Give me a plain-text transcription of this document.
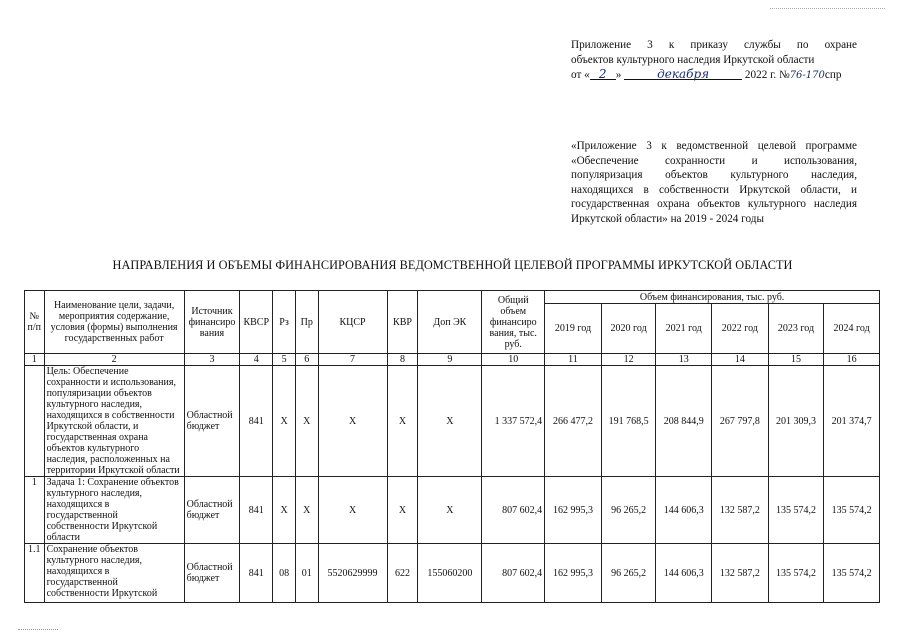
Приложение 3 к приказу службы по охране
объектов культурного наследия Иркутской области
от « 2 »	декабря	2022 г. №76-170спр
«Приложение 3 к ведомственной целевой программе «Обеспечение сохранности и использования, популяризация объектов культурного наследия, находящихся в собственности Иркутской области, и государственная охрана объектов культурного наследия Иркутской области» на 2019 - 2024 годы
НАПРАВЛЕНИЯ И ОБЪЕМЫ ФИНАНСИРОВАНИЯ ВЕДОМСТВЕННОЙ ЦЕЛЕВОЙ ПРОГРАММЫ ИРКУТСКОЙ ОБЛАСТИ
№ п/п	Наименование цели, задачи, мероприятия содержание, условия (формы) выполнения государственных работ	Источник финансиро вания	КВСР	Рз	Пр	КЦСР	КВР	Доп ЭК	Общий объем финансиро вания, тыс. руб.	Объем финансирования, тыс. руб.					
										2019 год	2020 год	2021 год	2022 год	2023 год	2024 год
1	2	3	4	5	6	7	8	9	10	11	12	13	14	15	16
	Цель: Обеспечение сохранности и использования, популяризации объектов культурного наследия, находящихся в собственности Иркутской области, и государственная охрана объектов культурного наследия, расположенных на территории Иркутской области	Областной бюджет	841	Х	Х	Х	Х	Х	1 337 572,4	266 477,2	191 768,5	208 844,9	267 797,8	201 309,3	201 374,7
1	Задача 1: Сохранение объектов культурного наследия, находящихся в государственной собственности Иркутской области	Областной бюджет	841	Х	Х	Х	Х	Х	807 602,4	162 995,3	96 265,2	144 606,3	132 587,2	135 574,2	135 574,2
1.1	Сохранение объектов культурного наследия, находящихся в государственной собственности Иркутской	Областной бюджет	841	08	01	5520629999	622	155060200	807 602,4	162 995,3	96 265,2	144 606,3	132 587,2	135 574,2	135 574,2
